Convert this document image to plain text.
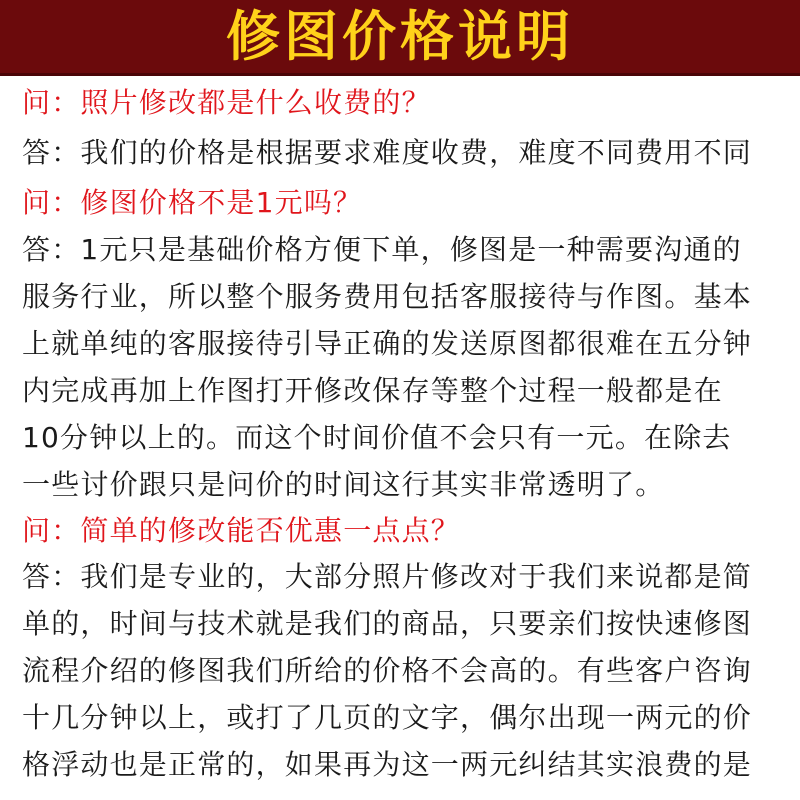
修图价格说明
问：照片修改都是什么收费的？
答：我们的价格是根据要求难度收费，难度不同费用不同
问：修图价格不是1元吗？
答：1元只是基础价格方便下单，修图是一种需要沟通的
服务行业，所以整个服务费用包括客服接待与作图。基本
上就单纯的客服接待引导正确的发送原图都很难在五分钟
内完成再加上作图打开修改保存等整个过程一般都是在
10分钟以上的。而这个时间价值不会只有一元。在除去
一些讨价跟只是问价的时间这行其实非常透明了。
问：简单的修改能否优惠一点点？
答：我们是专业的，大部分照片修改对于我们来说都是简
单的，时间与技术就是我们的商品，只要亲们按快速修图
流程介绍的修图我们所给的价格不会高的。有些客户咨询
十几分钟以上，或打了几页的文字，偶尔出现一两元的价
格浮动也是正常的，如果再为这一两元纠结其实浪费的是
